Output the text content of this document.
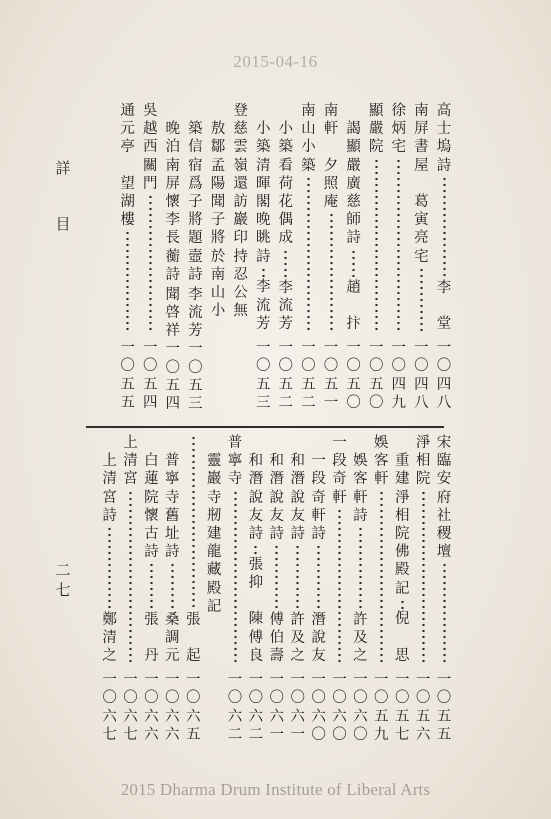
2015-04-16
詳

目
二
七
高
士
塢
詩
李

堂
一
〇
四
八
南
屏
書
屋

葛
寅
亮
宅
一
〇
四
八
徐
炳
宅
一
〇
四
九
顯
嚴
院
一
〇
五
〇
謁
顯
嚴
廣
慈
師
詩
趙

抃
一
〇
五
〇
南
軒

夕
照
庵
一
〇
五
一
南
山
小
築
一
〇
五
二
小
築
看
荷
花
偶
成
李
流
芳
一
〇
五
二
小
築
清
暉
閣
晚
眺
詩
李
流
芳
一
〇
五
三
登
慈
雲
嶺
還
訪
巖
印
持
忍
公
無
敖
鄒
孟
陽
聞
子
將
於
南
山
小
築
信
宿
爲
子
將
題
壼
詩
李
流
芳
一
〇
五
三
晚
泊
南
屏
懷
李
長
蘅
詩
聞
啓
祥
一
〇
五
四
吳
越
西
關
門
一
〇
五
四
通
元
亭

望
湖
樓
一
〇
五
五
宋
臨
安
府
社
稷
壇
一
〇
五
五
淨
相
院
一
〇
五
六
重
建
淨
相
院
佛
殿
記
倪

思
一
〇
五
七
娛
客
軒
一
〇
五
九
娛
客
軒
詩
許
及
之
一
〇
六
〇
一
段
奇
軒
一
〇
六
〇
一
段
奇
軒
詩
潛
說
友
一
〇
六
〇
和
潛
說
友
詩
許
及
之
一
〇
六
一
和
潛
說
友
詩
傅
伯
壽
一
〇
六
一
和
潛
說
友
詩
張
抑

陳
傅
良
一
〇
六
二
普
寧
寺
一
〇
六
二
靈
巖
寺
剏
建
龍
藏
殿
記
張

起
一
〇
六
五
普
寧
寺
舊
址
詩
桑
調
元
一
〇
六
六
白
蓮
院
懷
古
詩
張

丹
一
〇
六
六
上
清
宮
一
〇
六
七
上
清
宮
詩
鄭
清
之
一
〇
六
七
2015 Dharma Drum Institute of Liberal Arts
